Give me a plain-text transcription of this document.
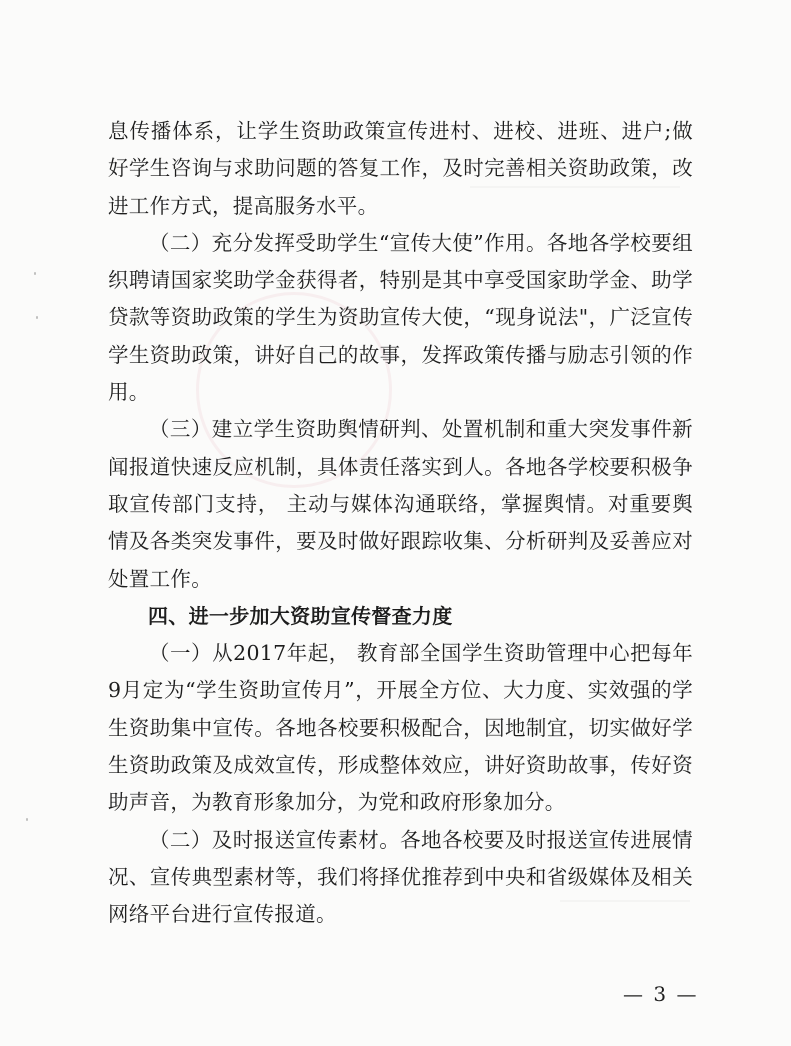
息传播体系，让学生资助政策宣传进村、进校、进班、进户;做好学生咨询与求助问题的答复工作，及时完善相关资助政策，改进工作方式，提高服务水平。

（二）充分发挥受助学生“宣传大使”作用。各地各学校要组织聘请国家奖助学金获得者，特别是其中享受国家助学金、助学贷款等资助政策的学生为资助宣传大使，“现身说法"，广泛宣传学生资助政策，讲好自己的故事，发挥政策传播与励志引领的作用。

（三）建立学生资助舆情研判、处置机制和重大突发事件新闻报道快速反应机制，具体责任落实到人。各地各学校要积极争取宣传部门支持， 主动与媒体沟通联络，掌握舆情。对重要舆情及各类突发事件，要及时做好跟踪收集、分析研判及妥善应对处置工作。

四、进一步加大资助宣传督查力度

（一）从2017年起， 教育部全国学生资助管理中心把每年9月定为“学生资助宣传月”，开展全方位、大力度、实效强的学生资助集中宣传。各地各校要积极配合，因地制宜，切实做好学生资助政策及成效宣传，形成整体效应，讲好资助故事，传好资助声音，为教育形象加分，为党和政府形象加分。

（二）及时报送宣传素材。各地各校要及时报送宣传进展情况、宣传典型素材等，我们将择优推荐到中央和省级媒体及相关网络平台进行宣传报道。

— 3 —
